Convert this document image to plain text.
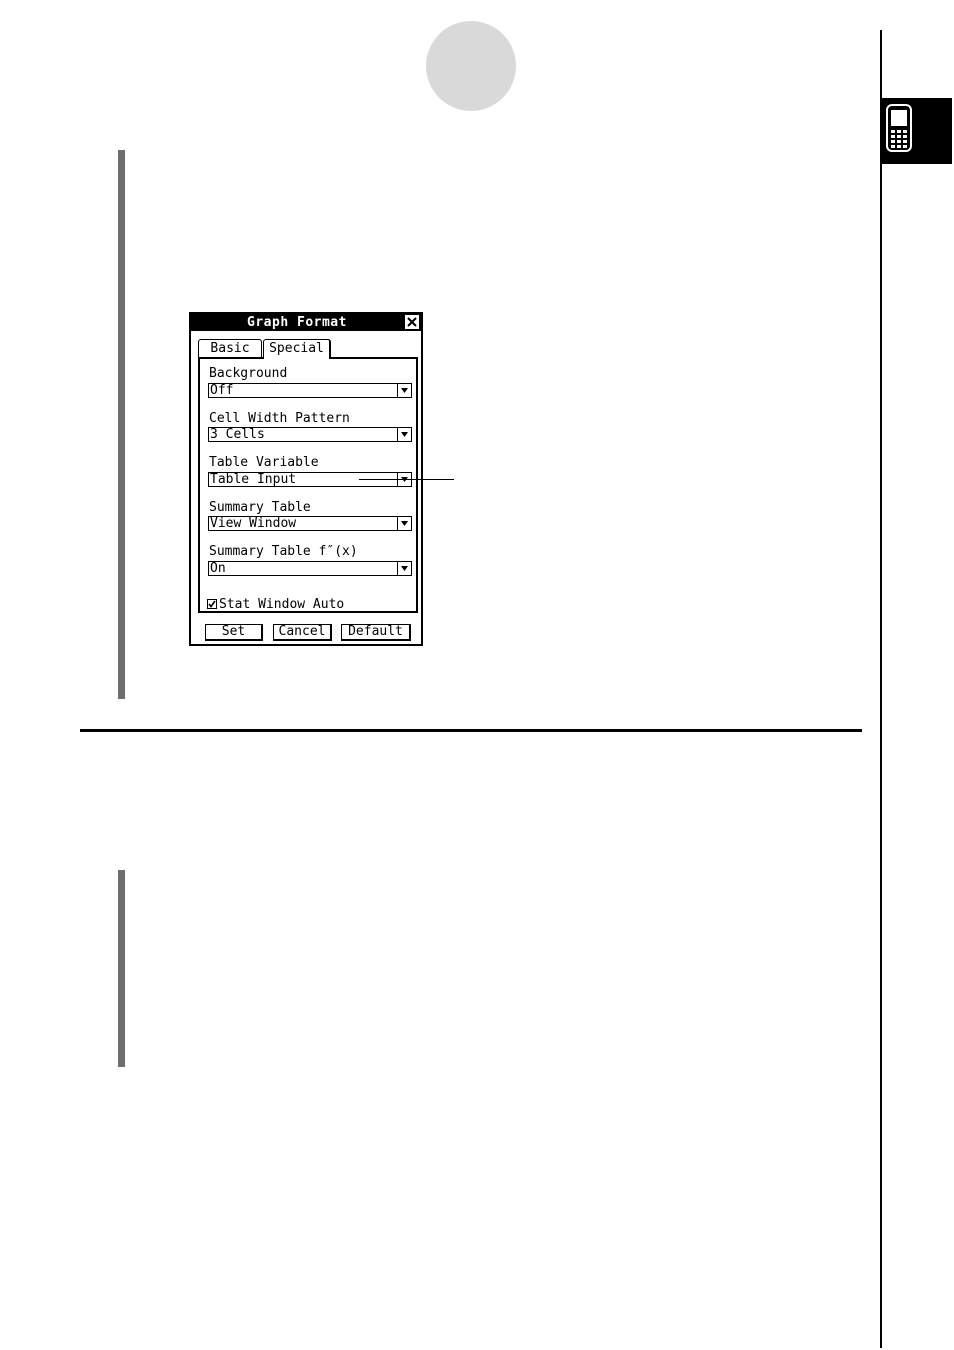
Graph Format
Basic	Special
Background
Off
Cell Width Pattern
3 Cells
Table Variable
Table Input
Summary Table
View Window
Summary Table f″(x)
On
Stat Window Auto
Set	Cancel	Default
